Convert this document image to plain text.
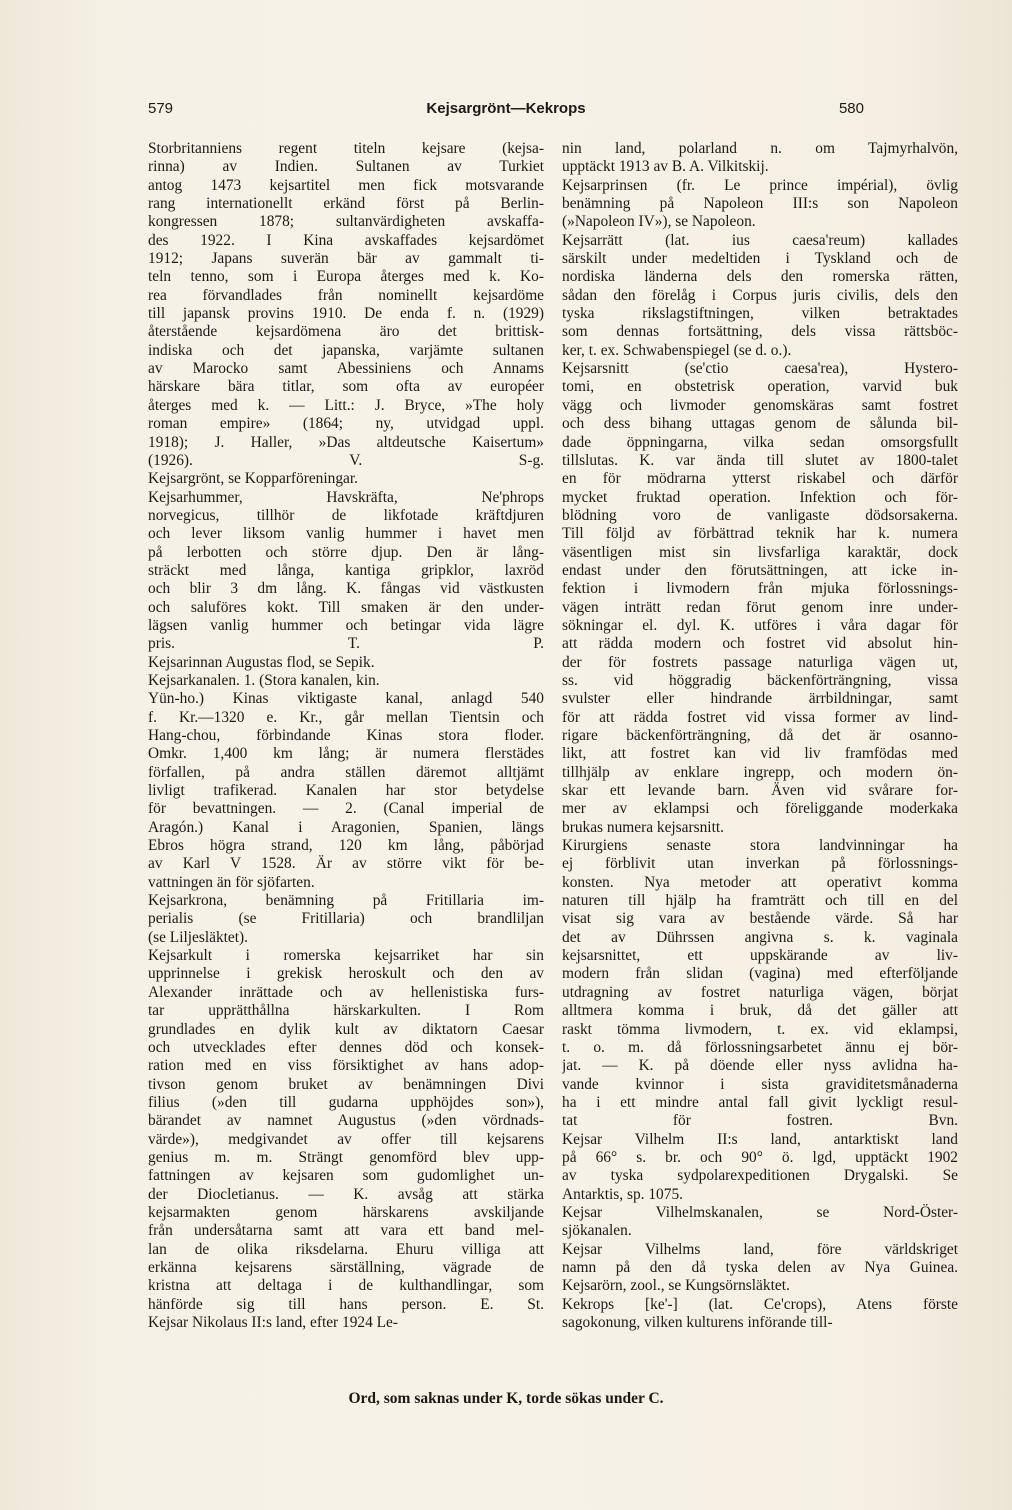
579	Kejsargrönt—Kekrops	580
Storbritanniens regent titeln kejsare (kejsa-
rinna) av Indien. Sultanen av Turkiet
antog 1473 kejsartitel men fick motsvarande
rang internationellt erkänd först på Berlin-
kongressen 1878; sultanvärdigheten avskaffa-
des 1922. I Kina avskaffades kejsardömet
1912; Japans suverän bär av gammalt ti-
teln tenno, som i Europa återges med k. Ko-
rea förvandlades från nominellt kejsardöme
till japansk provins 1910. De enda f. n. (1929)
återstående kejsardömena äro det brittisk-
indiska och det japanska, varjämte sultanen
av Marocko samt Abessiniens och Annams
härskare bära titlar, som ofta av européer
återges med k. — Litt.: J. Bryce, »The holy
roman empire» (1864; ny, utvidgad uppl.
1918); J. Haller, »Das altdeutsche Kaisertum»
(1926). V. S-g.
Kejsargrönt, se Kopparföreningar.
Kejsarhummer, Havskräfta, Ne'phrops
norvegicus, tillhör de likfotade kräftdjuren
och lever liksom vanlig hummer i havet men
på lerbotten och större djup. Den är lång-
sträckt med långa, kantiga gripklor, laxröd
och blir 3 dm lång. K. fångas vid västkusten
och saluföres kokt. Till smaken är den under-
lägsen vanlig hummer och betingar vida lägre
pris. T. P.
Kejsarinnan Augustas flod, se Sepik.
Kejsarkanalen. 1. (Stora kanalen, kin.
Yün-ho.) Kinas viktigaste kanal, anlagd 540
f. Kr.—1320 e. Kr., går mellan Tientsin och
Hang-chou, förbindande Kinas stora floder.
Omkr. 1,400 km lång; är numera flerstädes
förfallen, på andra ställen däremot alltjämt
livligt trafikerad. Kanalen har stor betydelse
för bevattningen. — 2. (Canal imperial de
Aragón.) Kanal i Aragonien, Spanien, längs
Ebros högra strand, 120 km lång, påbörjad
av Karl V 1528. Är av större vikt för be-
vattningen än för sjöfarten.
Kejsarkrona, benämning på Fritillaria im-
perialis (se Fritillaria) och brandliljan
(se Liljesläktet).
Kejsarkult i romerska kejsarriket har sin
upprinnelse i grekisk heroskult och den av
Alexander inrättade och av hellenistiska furs-
tar upprätthållna härskarkulten. I Rom
grundlades en dylik kult av diktatorn Caesar
och utvecklades efter dennes död och konsek-
ration med en viss försiktighet av hans adop-
tivson genom bruket av benämningen Divi
filius (»den till gudarna upphöjdes son»),
bärandet av namnet Augustus (»den vördnads-
värde»), medgivandet av offer till kejsarens
genius m. m. Strängt genomförd blev upp-
fattningen av kejsaren som gudomlighet un-
der Diocletianus. — K. avsåg att stärka
kejsarmakten genom härskarens avskiljande
från undersåtarna samt att vara ett band mel-
lan de olika riksdelarna. Ehuru villiga att
erkänna kejsarens särställning, vägrade de
kristna att deltaga i de kulthandlingar, som
hänförde sig till hans person. E. St.
Kejsar Nikolaus II:s land, efter 1924 Le-
nin land, polarland n. om Tajmyrhalvön,
upptäckt 1913 av B. A. Vilkitskij.
Kejsarprinsen (fr. Le prince impérial), övlig
benämning på Napoleon III:s son Napoleon
(»Napoleon IV»), se Napoleon.
Kejsarrätt (lat. ius caesa'reum) kallades
särskilt under medeltiden i Tyskland och de
nordiska länderna dels den romerska rätten,
sådan den förelåg i Corpus juris civilis, dels den
tyska rikslagstiftningen, vilken betraktades
som dennas fortsättning, dels vissa rättsböc-
ker, t. ex. Schwabenspiegel (se d. o.).
Kejsarsnitt (se'ctio caesa'rea), Hystero-
tomi, en obstetrisk operation, varvid buk
vägg och livmoder genomskäras samt fostret
och dess bihang uttagas genom de sålunda bil-
dade öppningarna, vilka sedan omsorgsfullt
tillslutas. K. var ända till slutet av 1800-talet
en för mödrarna ytterst riskabel och därför
mycket fruktad operation. Infektion och för-
blödning voro de vanligaste dödsorsakerna.
Till följd av förbättrad teknik har k. numera
väsentligen mist sin livsfarliga karaktär, dock
endast under den förutsättningen, att icke in-
fektion i livmodern från mjuka förlossnings-
vägen inträtt redan förut genom inre under-
sökningar el. dyl. K. utföres i våra dagar för
att rädda modern och fostret vid absolut hin-
der för fostrets passage naturliga vägen ut,
ss. vid höggradig bäckenförträngning, vissa
svulster eller hindrande ärrbildningar, samt
för att rädda fostret vid vissa former av lind-
rigare bäckenförträngning, då det är osanno-
likt, att fostret kan vid liv framfödas med
tillhjälp av enklare ingrepp, och modern ön-
skar ett levande barn. Även vid svårare for-
mer av eklampsi och föreliggande moderkaka
brukas numera kejsarsnitt.
Kirurgiens senaste stora landvinningar ha
ej förblivit utan inverkan på förlossnings-
konsten. Nya metoder att operativt komma
naturen till hjälp ha framträtt och till en del
visat sig vara av bestående värde. Så har
det av Dührssen angivna s. k. vaginala
kejsarsnittet, ett uppskärande av liv-
modern från slidan (vagina) med efterföljande
utdragning av fostret naturliga vägen, börjat
alltmera komma i bruk, då det gäller att
raskt tömma livmodern, t. ex. vid eklampsi,
t. o. m. då förlossningsarbetet ännu ej bör-
jat. — K. på döende eller nyss avlidna ha-
vande kvinnor i sista graviditetsmånaderna
ha i ett mindre antal fall givit lyckligt resul-
tat för fostren. Bvn.
Kejsar Vilhelm II:s land, antarktiskt land
på 66° s. br. och 90° ö. lgd, upptäckt 1902
av tyska sydpolarexpeditionen Drygalski. Se
Antarktis, sp. 1075.
Kejsar Vilhelmskanalen, se Nord-Öster-
sjökanalen.
Kejsar Vilhelms land, före världskriget
namn på den då tyska delen av Nya Guinea.
Kejsarörn, zool., se Kungsörnsläktet.
Kekrops [ke'-] (lat. Ce'crops), Atens förste
sagokonung, vilken kulturens införande till-
Ord, som saknas under K, torde sökas under C.
